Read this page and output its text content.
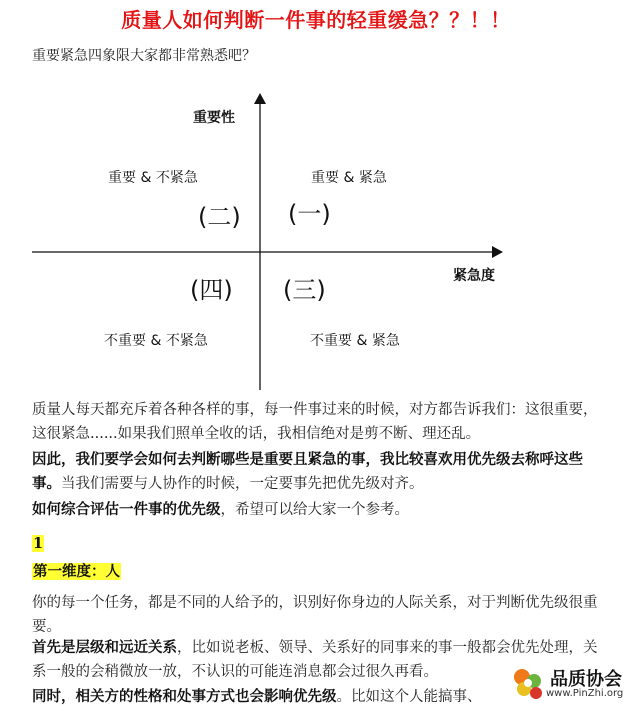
质量人如何判断一件事的轻重缓急？？！！
重要紧急四象限大家都非常熟悉吧？
重要性
紧急度
重要 & 不紧急	重要 & 紧急
不重要 & 不紧急	不重要 & 紧急
(二) (一)
(四) (三)
质量人每天都充斥着各种各样的事，每一件事过来的时候，对方都告诉我们：这很重要，这很紧急......如果我们照单全收的话，我相信绝对是剪不断、理还乱。
因此，我们要学会如何去判断哪些是重要且紧急的事，我比较喜欢用优先级去称呼这些事。当我们需要与人协作的时候，一定要事先把优先级对齐。
如何综合评估一件事的优先级，希望可以给大家一个参考。
1
第一维度：人
你的每一个任务，都是不同的人给予的，识别好你身边的人际关系，对于判断优先级很重要。
首先是层级和远近关系，比如说老板、领导、关系好的同事来的事一般都会优先处理，关系一般的会稍微放一放，不认识的可能连消息都会过很久再看。
同时，相关方的性格和处事方式也会影响优先级。比如这个人能搞事、
品质协会
www.PinZhi.org
